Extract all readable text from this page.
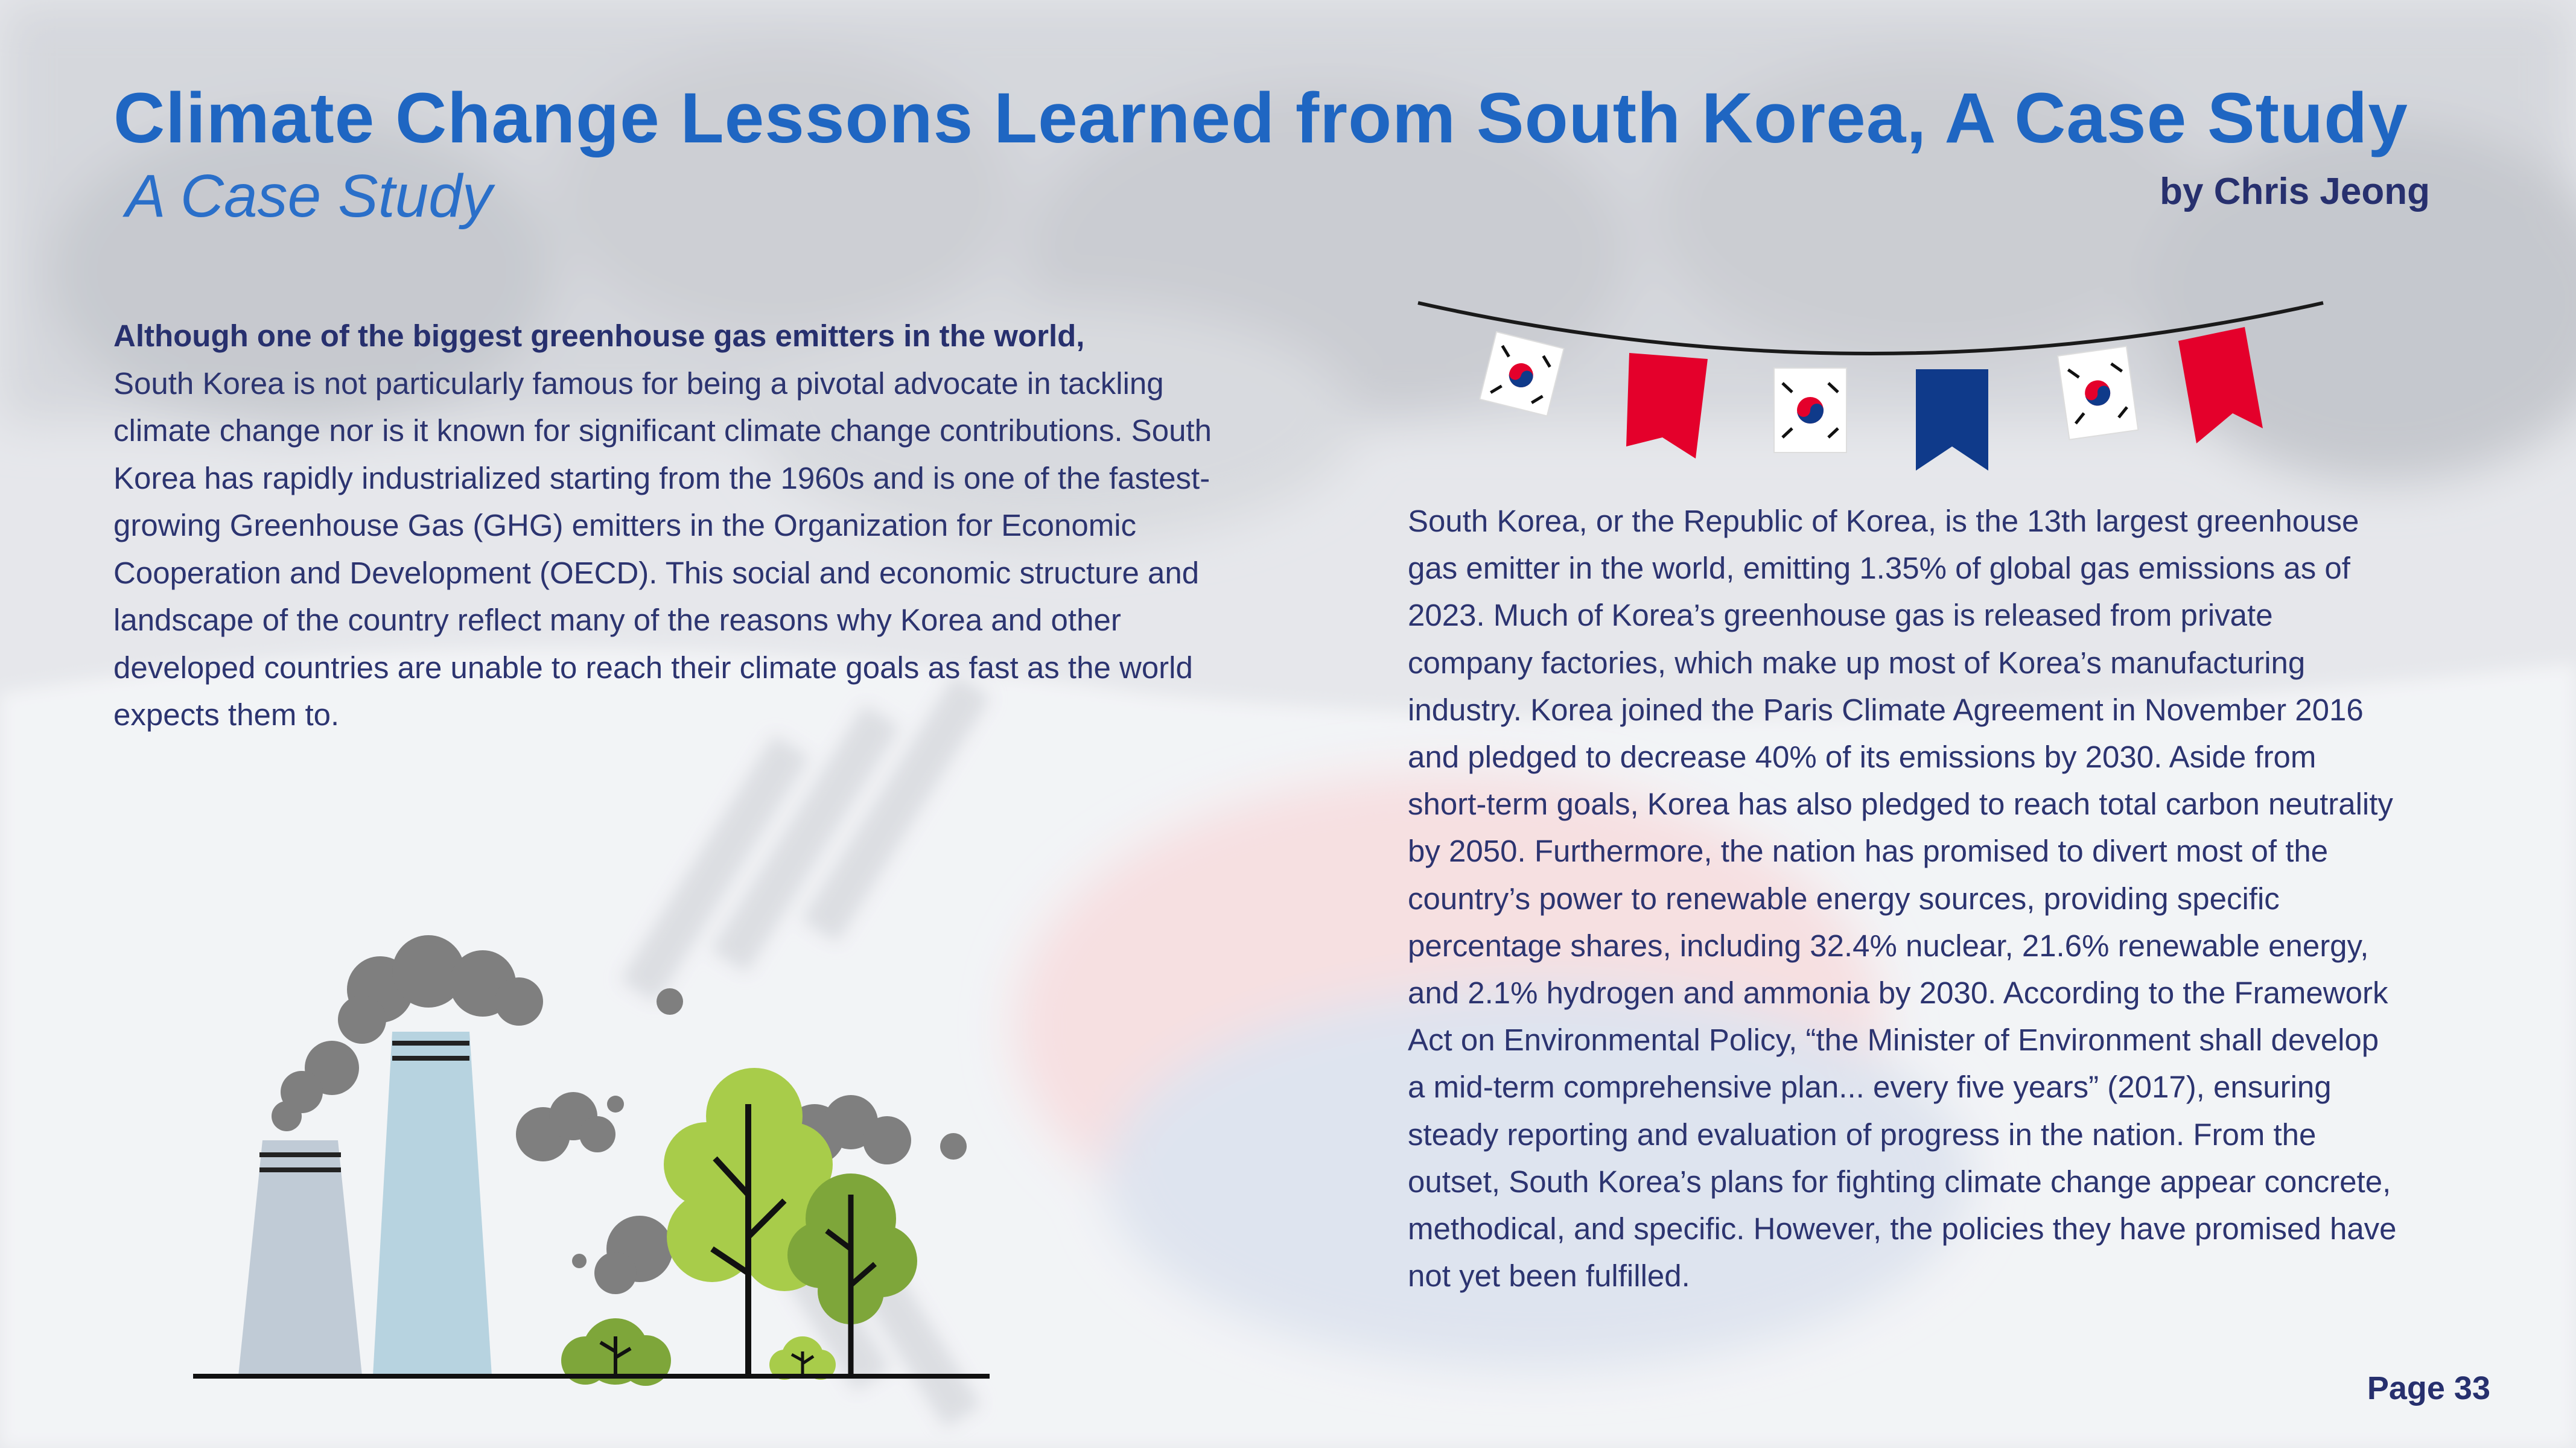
Climate Change Lessons Learned from South Korea, A Case Study
A Case Study	by Chris Jeong

Although one of the biggest greenhouse gas emitters in the world,
South Korea is not particularly famous for being a pivotal advocate in tackling climate change nor is it known for significant climate change contributions. South Korea has rapidly industrialized starting from the 1960s and is one of the fastest-growing Greenhouse Gas (GHG) emitters in the Organization for Economic Cooperation and Development (OECD). This social and economic structure and landscape of the country reflect many of the reasons why Korea and other developed countries are unable to reach their climate goals as fast as the world expects them to.

South Korea, or the Republic of Korea, is the 13th largest greenhouse gas emitter in the world, emitting 1.35% of global gas emissions as of 2023. Much of Korea’s greenhouse gas is released from private company factories, which make up most of Korea’s manufacturing industry. Korea joined the Paris Climate Agreement in November 2016 and pledged to decrease 40% of its emissions by 2030. Aside from short-term goals, Korea has also pledged to reach total carbon neutrality by 2050. Furthermore, the nation has promised to divert most of the country’s power to renewable energy sources, providing specific percentage shares, including 32.4% nuclear, 21.6% renewable energy, and 2.1% hydrogen and ammonia by 2030. According to the Framework Act on Environmental Policy, “the Minister of Environment shall develop a mid-term comprehensive plan... every five years” (2017), ensuring steady reporting and evaluation of progress in the nation. From the outset, South Korea’s plans for fighting climate change appear concrete, methodical, and specific. However, the policies they have promised have not yet been fulfilled.

Page 33
